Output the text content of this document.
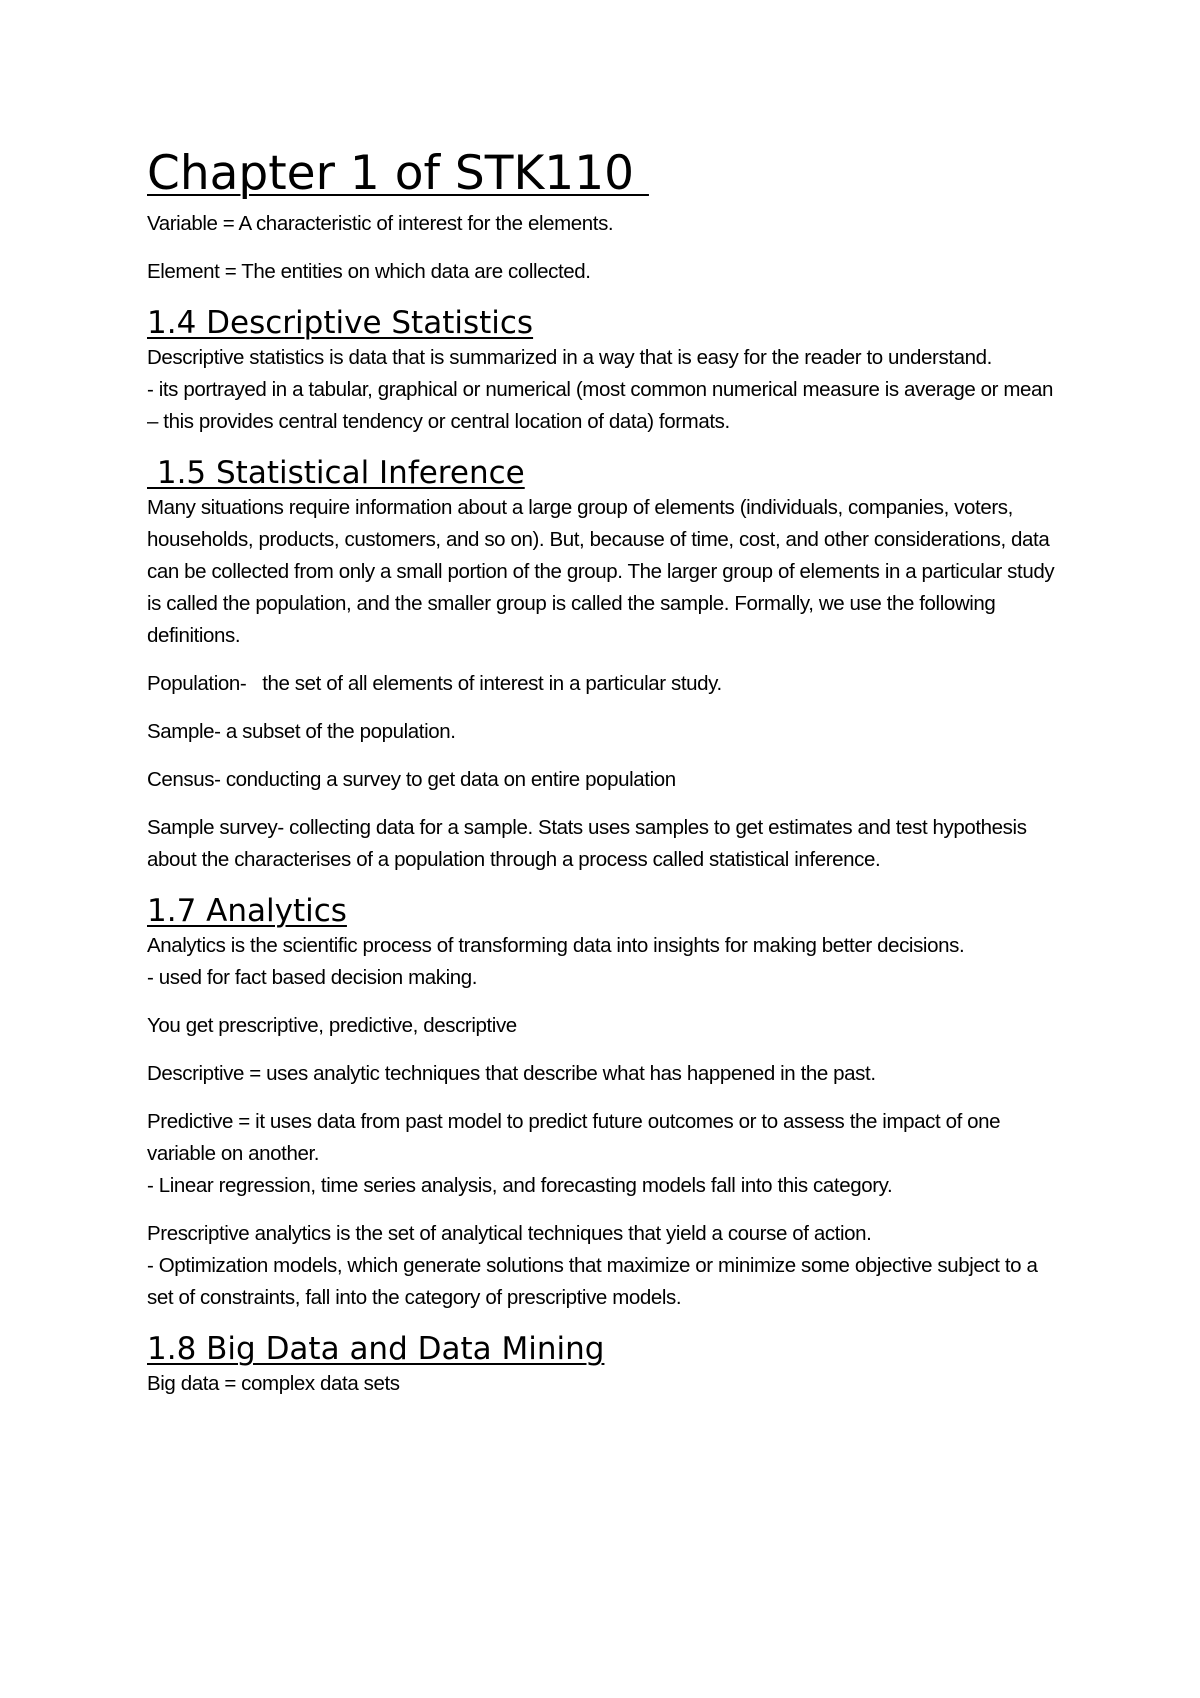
Chapter 1 of STK110

Variable = A characteristic of interest for the elements.

Element = The entities on which data are collected.

1.4 Descriptive Statistics

Descriptive statistics is data that is summarized in a way that is easy for the reader to understand.

- its portrayed in a tabular, graphical or numerical (most common numerical measure is average or mean – this provides central tendency or central location of data) formats.

1.5 Statistical Inference

Many situations require information about a large group of elements (individuals, companies, voters, households, products, customers, and so on). But, because of time, cost, and other considerations, data can be collected from only a small portion of the group. The larger group of elements in a particular study is called the population, and the smaller group is called the sample. Formally, we use the following definitions.

Population-   the set of all elements of interest in a particular study.

Sample- a subset of the population.

Census- conducting a survey to get data on entire population

Sample survey- collecting data for a sample. Stats uses samples to get estimates and test hypothesis about the characterises of a population through a process called statistical inference.

1.7 Analytics

Analytics is the scientific process of transforming data into insights for making better decisions.

- used for fact based decision making.

You get prescriptive, predictive, descriptive

Descriptive = uses analytic techniques that describe what has happened in the past.

Predictive = it uses data from past model to predict future outcomes or to assess the impact of one variable on another.

- Linear regression, time series analysis, and forecasting models fall into this category.

Prescriptive analytics is the set of analytical techniques that yield a course of action.

- Optimization models, which generate solutions that maximize or minimize some objective subject to a set of constraints, fall into the category of prescriptive models.

1.8 Big Data and Data Mining

Big data = complex data sets
